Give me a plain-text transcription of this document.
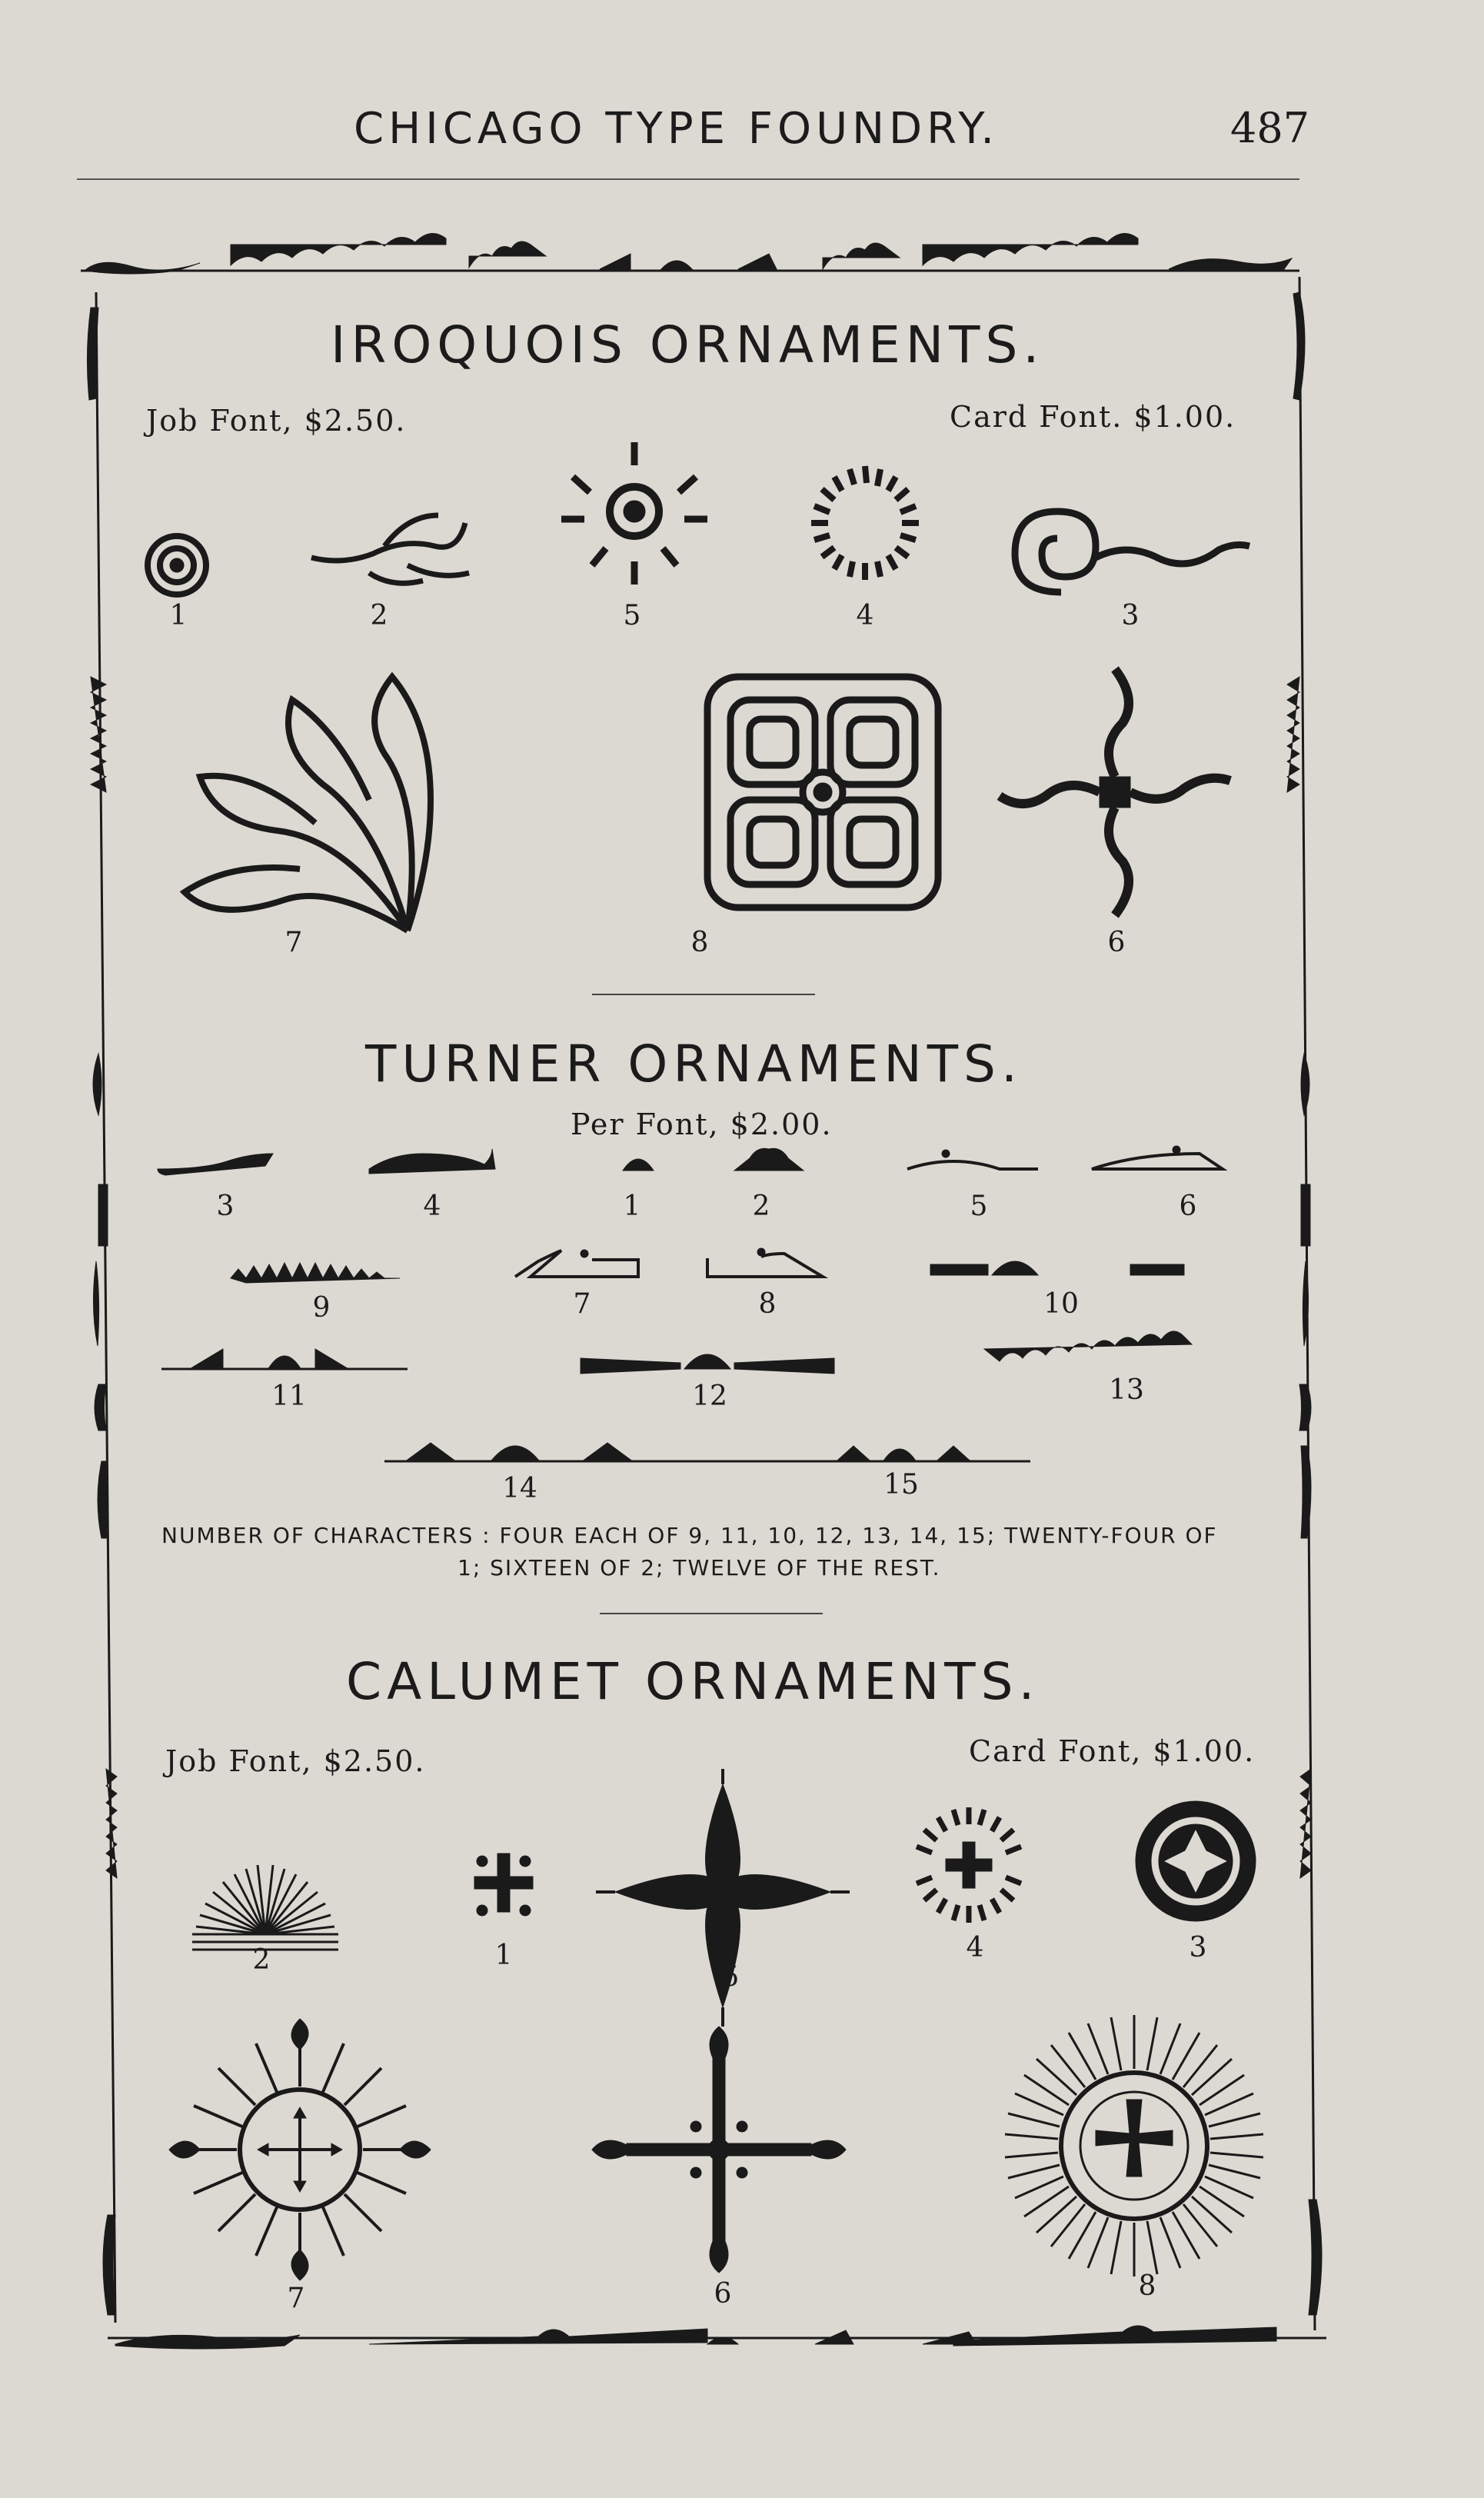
CHICAGO TYPE FOUNDRY.	487
IROQUOIS ORNAMENTS.
Job Font, $2.50.	Card Font. $1.00.
1	2	5	4	3
7	8	6
TURNER ORNAMENTS.
Per Font, $2.00.
3	4	1	2	5	6
9	7	8	10
11	12	13
14	15
NUMBER OF CHARACTERS : FOUR EACH OF 9, 11, 10, 12, 13, 14, 15; TWENTY-FOUR OF
1; SIXTEEN OF 2; TWELVE OF THE REST.
CALUMET ORNAMENTS.
Job Font, $2.50.	Card Font, $1.00.
2	1
5
4	3
7	6	8
